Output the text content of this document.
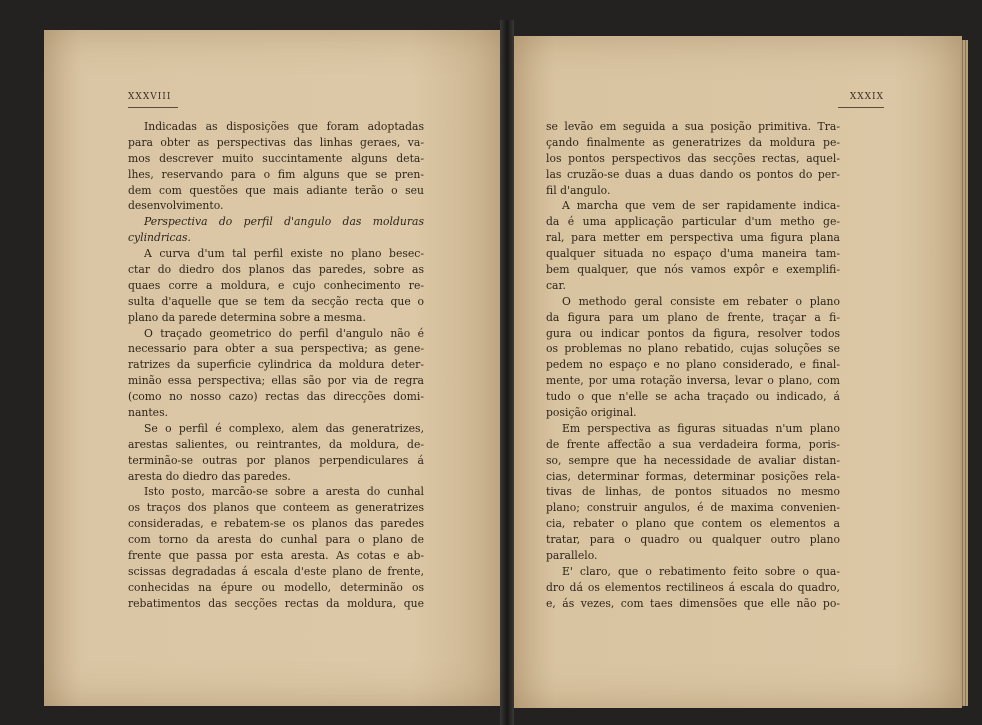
XXXVIII	XXXIX
Indicadas as disposições que foram adoptadas
para obter as perspectivas das linhas geraes, va-
mos descrever muito succintamente alguns deta-
lhes, reservando para o fim alguns que se pren-
dem com questões que mais adiante terão o seu
desenvolvimento.
Perspectiva do perfil d'angulo das molduras
cylindricas.
A curva d'um tal perfil existe no plano besec-
ctar do diedro dos planos das paredes, sobre as
quaes corre a moldura, e cujo conhecimento re-
sulta d'aquelle que se tem da secção recta que o
plano da parede determina sobre a mesma.
O traçado geometrico do perfil d'angulo não é
necessario para obter a sua perspectiva; as gene-
ratrizes da superficie cylindrica da moldura deter-
minão essa perspectiva; ellas são por via de regra
(como no nosso cazo) rectas das direcções domi-
nantes.
Se o perfil é complexo, alem das generatrizes,
arestas salientes, ou reintrantes, da moldura, de-
terminão-se outras por planos perpendiculares á
aresta do diedro das paredes.
Isto posto, marcão-se sobre a aresta do cunhal
os traços dos planos que conteem as generatrizes
consideradas, e rebatem-se os planos das paredes
com torno da aresta do cunhal para o plano de
frente que passa por esta aresta. As cotas e ab-
scissas degradadas á escala d'este plano de frente,
conhecidas na épure ou modello, determinão os
rebatimentos das secções rectas da moldura, que
se levão em seguida a sua posição primitiva. Tra-
çando finalmente as generatrizes da moldura pe-
los pontos perspectivos das secções rectas, aquel-
las cruzão-se duas a duas dando os pontos do per-
fil d'angulo.
A marcha que vem de ser rapidamente indica-
da é uma applicação particular d'um metho ge-
ral, para metter em perspectiva uma figura plana
qualquer situada no espaço d'uma maneira tam-
bem qualquer, que nós vamos expôr e exemplifi-
car.
O methodo geral consiste em rebater o plano
da figura para um plano de frente, traçar a fi-
gura ou indicar pontos da figura, resolver todos
os problemas no plano rebatido, cujas soluções se
pedem no espaço e no plano considerado, e final-
mente, por uma rotação inversa, levar o plano, com
tudo o que n'elle se acha traçado ou indicado, á
posição original.
Em perspectiva as figuras situadas n'um plano
de frente affectão a sua verdadeira forma, poris-
so, sempre que ha necessidade de avaliar distan-
cias, determinar formas, determinar posições rela-
tivas de linhas, de pontos situados no mesmo
plano; construir angulos, é de maxima convenien-
cia, rebater o plano que contem os elementos a
tratar, para o quadro ou qualquer outro plano
parallelo.
E' claro, que o rebatimento feito sobre o qua-
dro dá os elementos rectilineos á escala do quadro,
e, ás vezes, com taes dimensões que elle não po-
